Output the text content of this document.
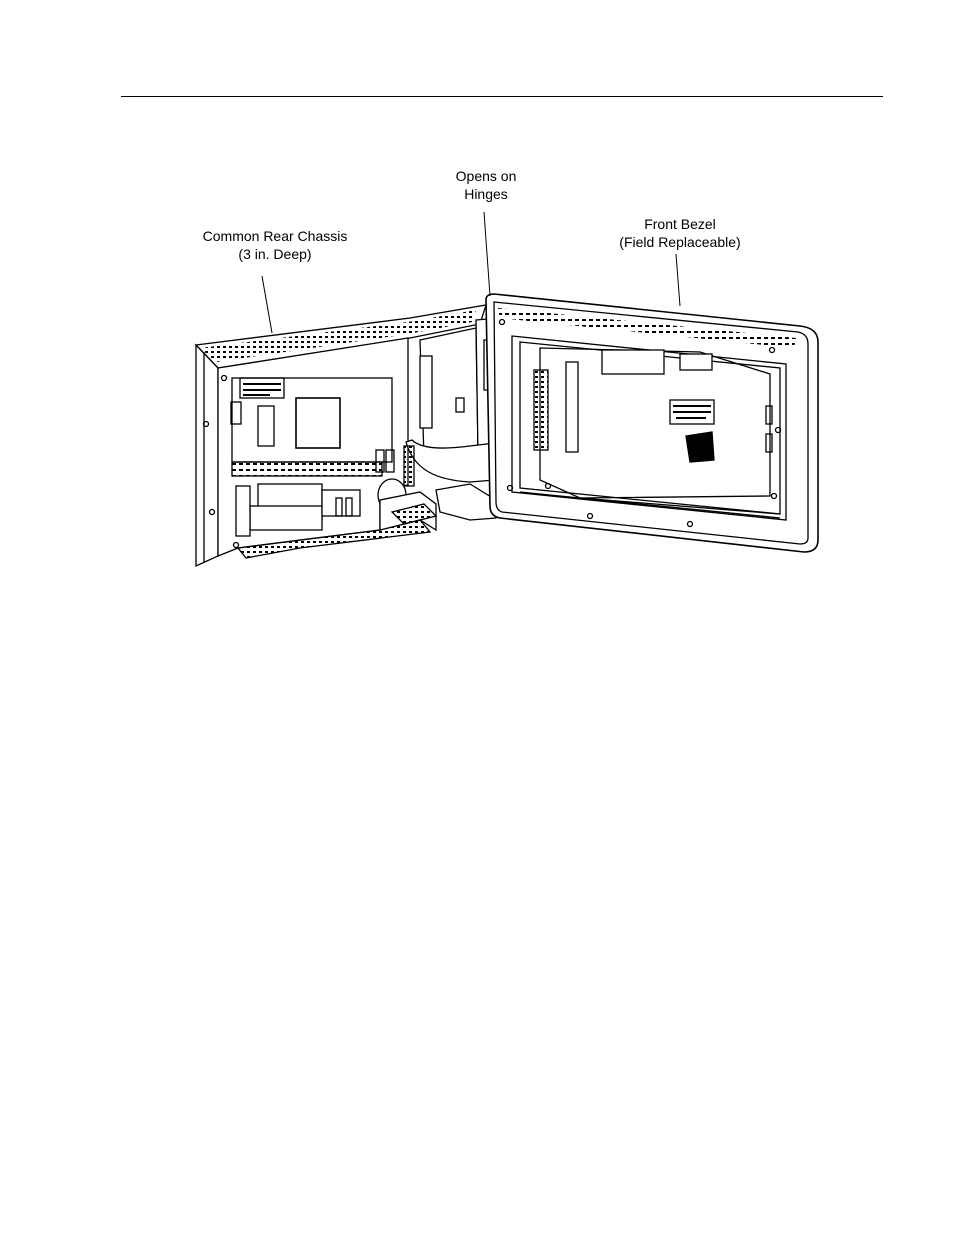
Opens on
Hinges
Common Rear Chassis
(3 in. Deep)
Front Bezel
(Field Replaceable)
